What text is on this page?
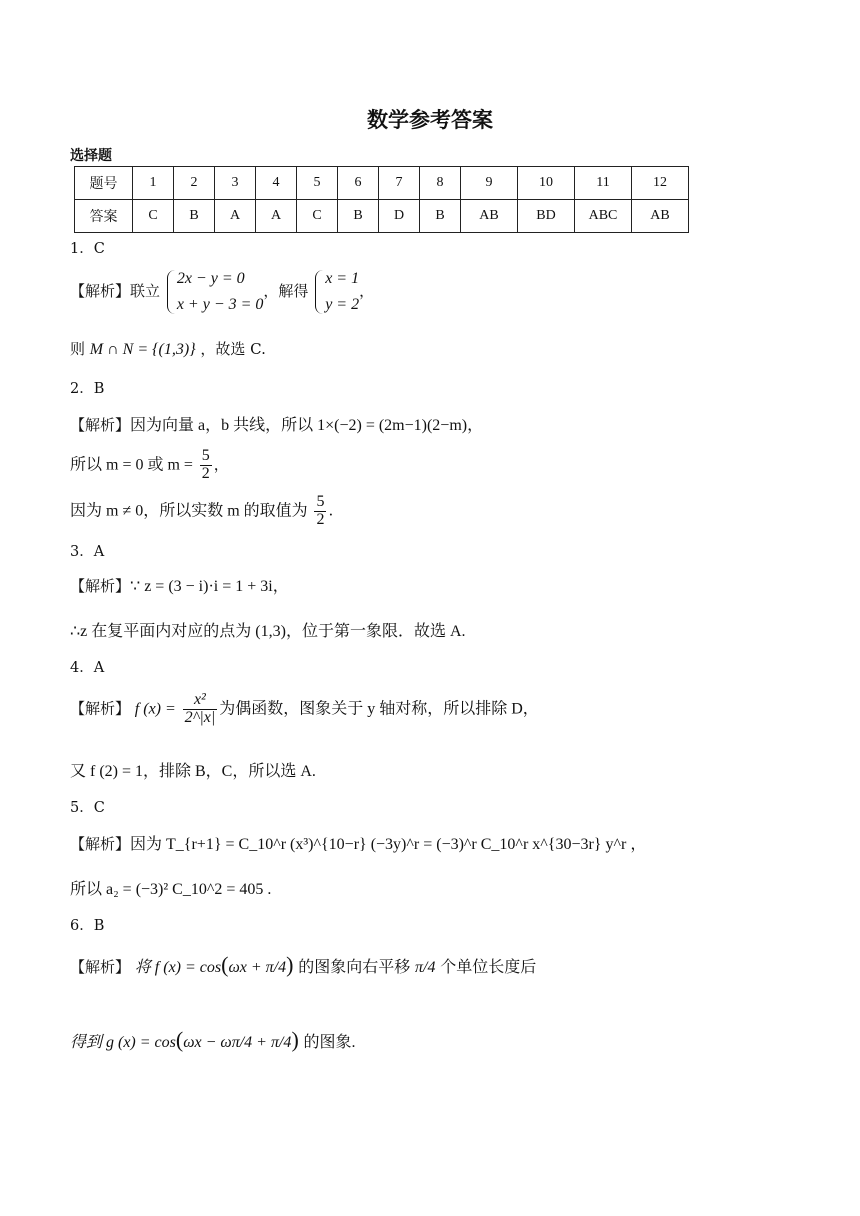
数学参考答案
选择题
题号	1	2	3	4	5	6	7	8	9	10	11	12
答案	C	B	A	A	C	B	D	B	AB	BD	ABC	AB
1．C
【解析】联立
2x − y = 0
x + y − 3 = 0
，解得
x = 1
y = 2
，
则 M ∩ N = {(1,3)} ，故选 C.
2．B
【解析】因为向量 a，b 共线，所以 1×(−2) = (2m−1)(2−m)，
所以 m = 0 或 $m = \frac{5}{2}$ ，
因为 m ≠ 0，所以实数 m 的取值为 $\frac{5}{2}$ .
3．A
【解析】∵ z = (3 − i)·i = 1 + 3i，
∴z 在复平面内对应的点为 (1,3)，位于第一象限．故选 A.
4．A
【解析】 f $(x) = \frac{\text{x²}}{2\^{}|x|}$ 为偶函数，图象关于 y 轴对称，所以排除 D，
又 f (2) = 1，排除 B，C，所以选 A.
5．C
【解析】因为 T_{r+1} = C_10^r (x³)^{10−r} (−3y)^r = (−3)^r C_10^r x^{30−3r} y^r ，
所以 a₂ = (−3)² C_10^2 = 405 .
6．B
【解析】 将 f (x) = cos(ωx + π/4) 的图象向右平移 π/4 个单位长度后
得到 g (x) = cos(ωx − ωπ/4 + π/4) 的图象.
